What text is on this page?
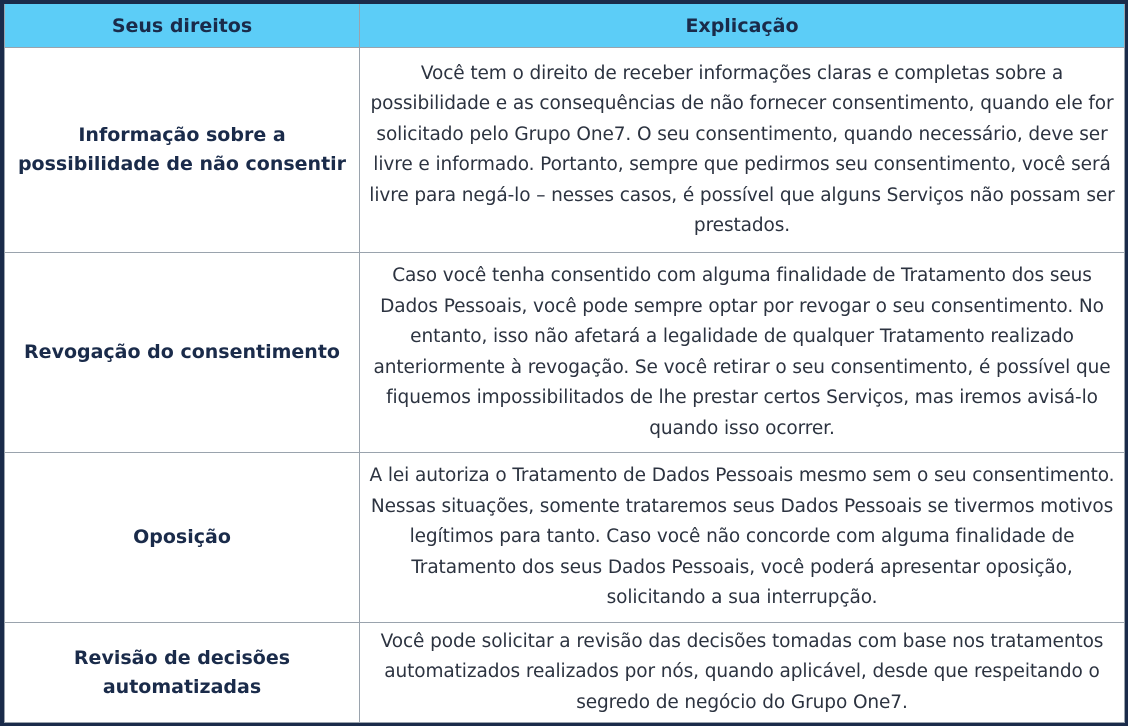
Seus direitos	Explicação
Informação sobre a possibilidade de não consentir	Você tem o direito de receber informações claras e completas sobre a possibilidade e as consequências de não fornecer consentimento, quando ele for solicitado pelo Grupo One7. O seu consentimento, quando necessário, deve ser livre e informado. Portanto, sempre que pedirmos seu consentimento, você será livre para negá-lo – nesses casos, é possível que alguns Serviços não possam ser prestados.
Revogação do consentimento	Caso você tenha consentido com alguma finalidade de Tratamento dos seus Dados Pessoais, você pode sempre optar por revogar o seu consentimento. No entanto, isso não afetará a legalidade de qualquer Tratamento realizado anteriormente à revogação. Se você retirar o seu consentimento, é possível que fiquemos impossibilitados de lhe prestar certos Serviços, mas iremos avisá-lo quando isso ocorrer.
Oposição	A lei autoriza o Tratamento de Dados Pessoais mesmo sem o seu consentimento. Nessas situações, somente trataremos seus Dados Pessoais se tivermos motivos legítimos para tanto. Caso você não concorde com alguma finalidade de Tratamento dos seus Dados Pessoais, você poderá apresentar oposição, solicitando a sua interrupção.
Revisão de decisões automatizadas	Você pode solicitar a revisão das decisões tomadas com base nos tratamentos automatizados realizados por nós, quando aplicável, desde que respeitando o segredo de negócio do Grupo One7.
